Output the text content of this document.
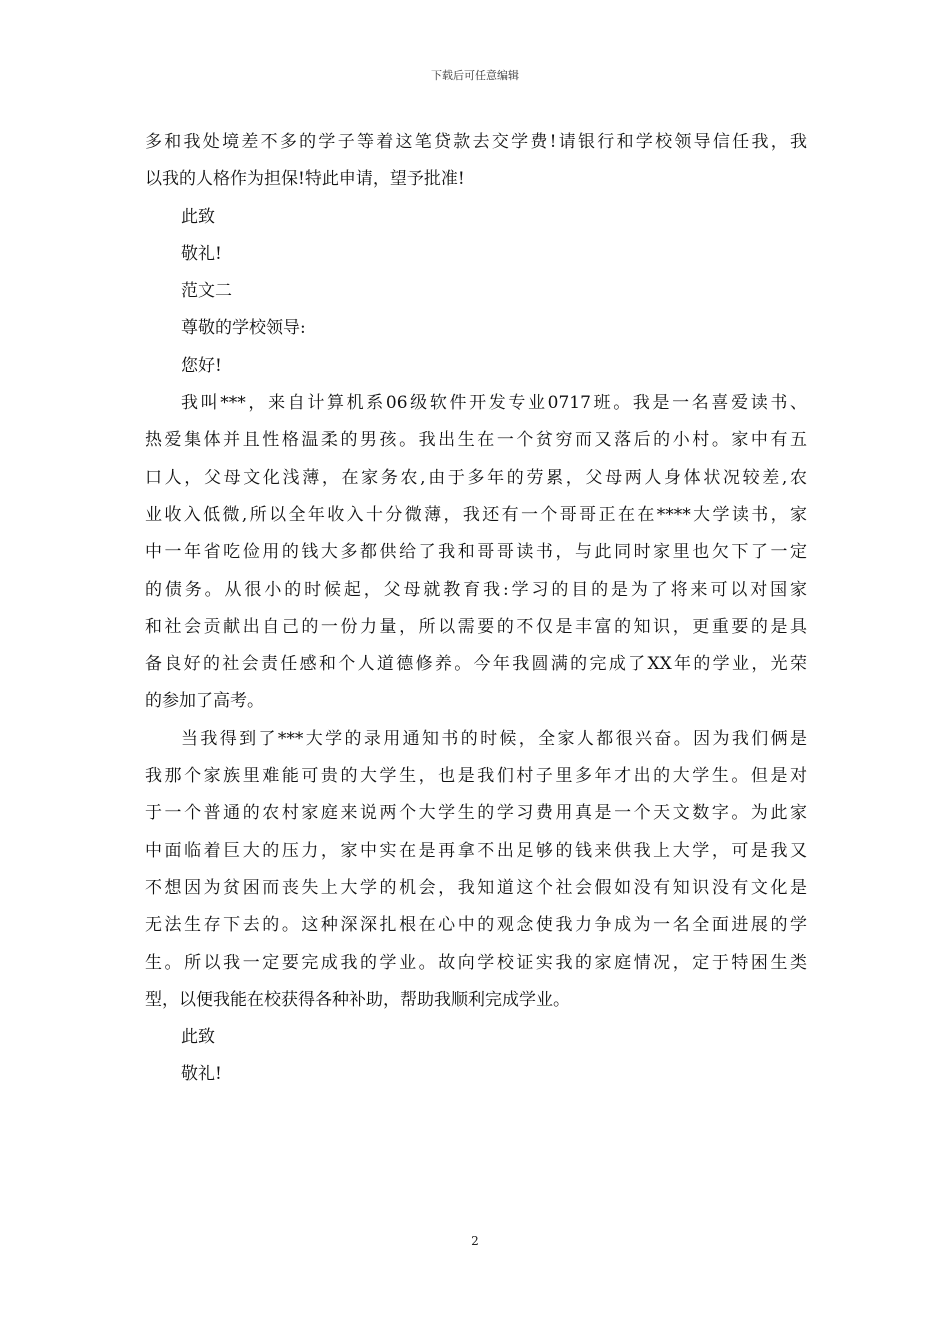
下载后可任意编辑
多和我处境差不多的学子等着这笔贷款去交学费!请银行和学校领导信任我，我
以我的人格作为担保!特此申请，望予批准!
此致
敬礼!
范文二
尊敬的学校领导:
您好!
我叫***，来自计算机系06级软件开发专业0717班。我是一名喜爱读书、
热爱集体并且性格温柔的男孩。我出生在一个贫穷而又落后的小村。家中有五
口人，父母文化浅薄，在家务农,由于多年的劳累，父母两人身体状况较差,农
业收入低微,所以全年收入十分微薄，我还有一个哥哥正在在****大学读书，家
中一年省吃俭用的钱大多都供给了我和哥哥读书，与此同时家里也欠下了一定
的债务。从很小的时候起，父母就教育我:学习的目的是为了将来可以对国家
和社会贡献出自己的一份力量，所以需要的不仅是丰富的知识，更重要的是具
备良好的社会责任感和个人道德修养。今年我圆满的完成了XX年的学业，光荣
的参加了高考。
当我得到了***大学的录用通知书的时候，全家人都很兴奋。因为我们俩是
我那个家族里难能可贵的大学生，也是我们村子里多年才出的大学生。但是对
于一个普通的农村家庭来说两个大学生的学习费用真是一个天文数字。为此家
中面临着巨大的压力，家中实在是再拿不出足够的钱来供我上大学，可是我又
不想因为贫困而丧失上大学的机会，我知道这个社会假如没有知识没有文化是
无法生存下去的。这种深深扎根在心中的观念使我力争成为一名全面进展的学
生。所以我一定要完成我的学业。故向学校证实我的家庭情况，定于特困生类
型，以便我能在校获得各种补助，帮助我顺利完成学业。
此致
敬礼!
2
